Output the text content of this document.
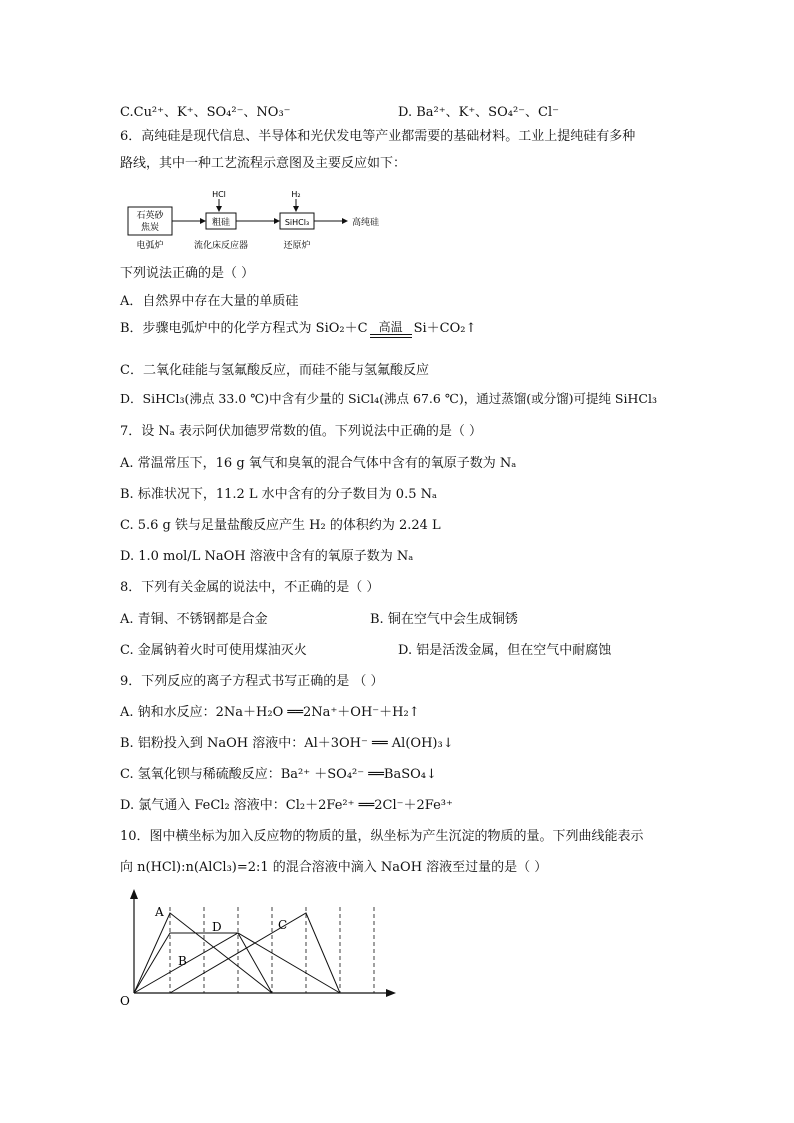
C.Cu²⁺、K⁺、SO₄²⁻、NO₃⁻	D. Ba²⁺、K⁺、SO₄²⁻、Cl⁻
6．高纯硅是现代信息、半导体和光伏发电等产业都需要的基础材料。工业上提纯硅有多种
路线，其中一种工艺流程示意图及主要反应如下：
石英砂
焦炭
电弧炉
HCl
粗硅
流化床反应器
H₂
SiHCl₃
还原炉
高纯硅
下列说法正确的是（ ）
A．自然界中存在大量的单质硅
B．步骤电弧炉中的化学方程式为 SiO₂＋C 高温 Si＋CO₂↑
C．二氧化硅能与氢氟酸反应，而硅不能与氢氟酸反应
D．SiHCl₃(沸点 33.0 ℃)中含有少量的 SiCl₄(沸点 67.6 ℃)，通过蒸馏(或分馏)可提纯 SiHCl₃
7．设 Nₐ 表示阿伏加德罗常数的值。下列说法中正确的是（ ）
A. 常温常压下，16 g 氧气和臭氧的混合气体中含有的氧原子数为 Nₐ
B. 标准状况下，11.2 L 水中含有的分子数目为 0.5 Nₐ
C. 5.6 g 铁与足量盐酸反应产生 H₂ 的体积约为 2.24 L
D. 1.0 mol/L NaOH 溶液中含有的氧原子数为 Nₐ
8．下列有关金属的说法中，不正确的是（ ）
A. 青铜、不锈钢都是合金	B. 铜在空气中会生成铜锈
C. 金属钠着火时可使用煤油灭火	D. 铝是活泼金属，但在空气中耐腐蚀
9．下列反应的离子方程式书写正确的是 （ ）
A. 钠和水反应：2Na＋H₂O ══2Na⁺＋OH⁻＋H₂↑
B. 铝粉投入到 NaOH 溶液中：Al＋3OH⁻ ══ Al(OH)₃↓
C. 氢氧化钡与稀硫酸反应：Ba²⁺ ＋SO₄²⁻ ══BaSO₄↓
D. 氯气通入 FeCl₂ 溶液中：Cl₂＋2Fe²⁺ ══2Cl⁻＋2Fe³⁺
10．图中横坐标为加入反应物的物质的量，纵坐标为产生沉淀的物质的量。下列曲线能表示
向 n(HCl):n(AlCl₃)=2:1 的混合溶液中滴入 NaOH 溶液至过量的是（ ）
O
A
D
B
C
